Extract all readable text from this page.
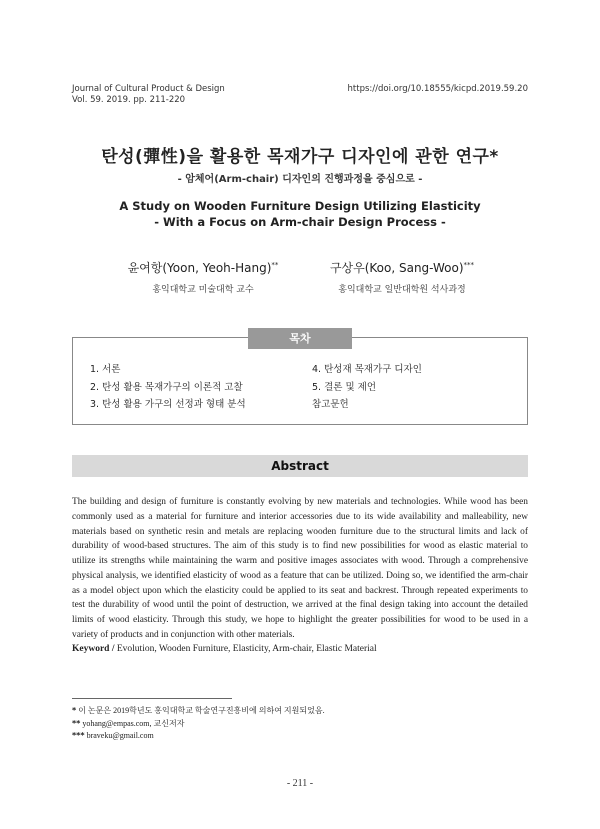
Journal of Cultural Product & Design
Vol. 59. 2019. pp. 211-220
https://doi.org/10.18555/kicpd.2019.59.20
탄성(彈性)을 활용한 목재가구 디자인에 관한 연구*
- 암체어(Arm-chair) 디자인의 진행과정을 중심으로 -
A Study on Wooden Furniture Design Utilizing Elasticity
- With a Focus on Arm-chair Design Process -
윤여항(Yoon, Yeoh-Hang)**
홍익대학교 미술대학 교수
구상우(Koo, Sang-Woo)***
홍익대학교 일반대학원 석사과정
목차
1. 서론
2. 탄성 활용 목재가구의 이론적 고찰
3. 탄성 활용 가구의 선정과 형태 분석
4. 탄성재 목재가구 디자인
5. 결론 및 제언
참고문헌
Abstract
The building and design of furniture is constantly evolving by new materials and technologies. While wood has been commonly used as a material for furniture and interior accessories due to its wide availability and malleability, new materials based on synthetic resin and metals are replacing wooden furniture due to the structural limits and lack of durability of wood-based structures. The aim of this study is to find new possibilities for wood as elastic material to utilize its strengths while maintaining the warm and positive images associates with wood. Through a comprehensive physical analysis, we identified elasticity of wood as a feature that can be utilized. Doing so, we identified the arm-chair as a model object upon which the elasticity could be applied to its seat and backrest. Through repeated experiments to test the durability of wood until the point of destruction, we arrived at the final design taking into account the detailed limits of wood elasticity. Through this study, we hope to highlight the greater possibilities for wood to be used in a variety of products and in conjunction with other materials.
Keyword / Evolution, Wooden Furniture, Elasticity, Arm-chair, Elastic Material
* 이 논문은 2019학년도 홍익대학교 학술연구진흥비에 의하여 지원되었음.
** yohang@empas.com, 교신저자
*** braveku@gmail.com
- 211 -
